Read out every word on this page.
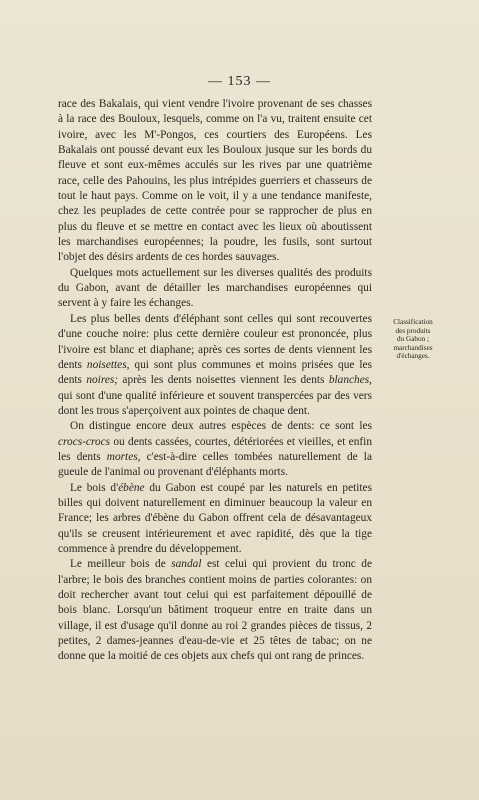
— 153 —

race des Bakalais, qui vient vendre l'ivoire provenant de ses chasses à la race des Bouloux, lesquels, comme on l'a vu, traitent ensuite cet ivoire, avec les M'-Pongos, ces courtiers des Européens. Les Bakalais ont poussé devant eux les Bouloux jusque sur les bords du fleuve et sont eux-mêmes acculés sur les rives par une quatrième race, celle des Pahouins, les plus intrépides guerriers et chasseurs de tout le haut pays. Comme on le voit, il y a une tendance manifeste, chez les peuplades de cette contrée pour se rapprocher de plus en plus du fleuve et se mettre en contact avec les lieux où aboutissent les marchandises européennes; la poudre, les fusils, sont surtout l'objet des désirs ardents de ces hordes sauvages.

Quelques mots actuellement sur les diverses qualités des produits du Gabon, avant de détailler les marchandises européennes qui servent à y faire les échanges.

Les plus belles dents d'éléphant sont celles qui sont recouvertes d'une couche noire: plus cette dernière couleur est prononcée, plus l'ivoire est blanc et diaphane; après ces sortes de dents viennent les dents noisettes, qui sont plus communes et moins prisées que les dents noires; après les dents noisettes viennent les dents blanches, qui sont d'une qualité inférieure et souvent transpercées par des vers dont les trous s'aperçoivent aux pointes de chaque dent.

On distingue encore deux autres espèces de dents: ce sont les crocs-crocs ou dents cassées, courtes, détériorées et vieilles, et enfin les dents mortes, c'est-à-dire celles tombées naturellement de la gueule de l'animal ou provenant d'éléphants morts.

Le bois d'ébène du Gabon est coupé par les naturels en petites billes qui doivent naturellement en diminuer beaucoup la valeur en France; les arbres d'ébène du Gabon offrent cela de désavantageux qu'ils se creusent intérieurement et avec rapidité, dès que la tige commence à prendre du développement.

Le meilleur bois de sandal est celui qui provient du tronc de l'arbre; le bois des branches contient moins de parties colorantes: on doit rechercher avant tout celui qui est parfaitement dépouillé de bois blanc. Lorsqu'un bâtiment troqueur entre en traite dans un village, il est d'usage qu'il donne au roi 2 grandes pièces de tissus, 2 petites, 2 dames-jeannes d'eau-de-vie et 25 têtes de tabac; on ne donne que la moitié de ces objets aux chefs qui ont rang de princes.

Classification
des produits
du Gabon ;
marchandises
d'échanges.
